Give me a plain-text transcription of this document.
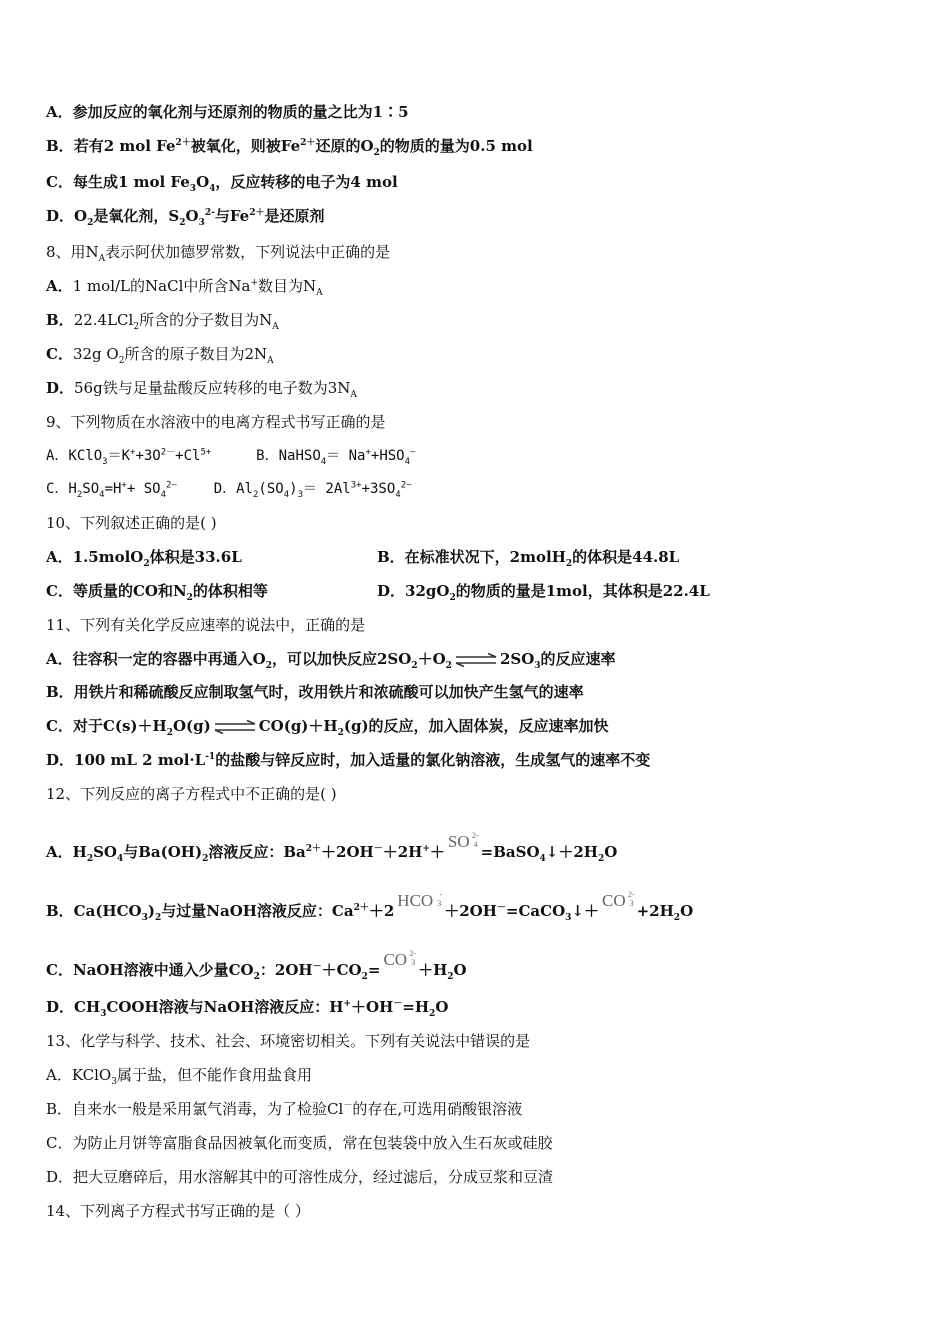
A．参加反应的氧化剂与还原剂的物质的量之比为1∶5
B．若有2 mol $Fe^{2+}$被氧化，则被$Fe^{2+}$还原的$O_2$的物质的量为0.5 mol
C．每生成1 mol $Fe_3O_4$，反应转移的电子为4 mol
D．$O_2$是氧化剂，$S_2O_3^{2-}$与$Fe^{2+}$是还原剂
8、用$N_A$表示阿伏加德罗常数，下列说法中正确的是
A．1 mol/L的NaCl中所含Na+数目为$N_A$
B．22.4LCl$_2$所含的分子数目为$N_A$
C．32g $O_2$所含的原子数目为$2N_A$
D．56g铁与足量盐酸反应转移的电子数为$3N_A$
9、下列物质在水溶液中的电离方程式书写正确的是
A．$KClO_3=K^++3O^{2-}+Cl^{5+}$	B．NaHSO$_4$＝ $Na^++HSO_4^―$
C．$H_2SO_4=H^++ SO_4^{2―}$	D．$Al_2(SO_4)_3= 2Al^{3+}+3SO_4^{2―}$
10、下列叙述正确的是( )
A．1.5molO$_2$体积是33.6L	B．在标准状况下，2molH$_2$的体积是44.8L
C．等质量的CO和$N_2$的体积相等	D．$32gO_2$的物质的量是1mol，其体积是22.4L
11、下列有关化学反应速率的说法中，正确的是
A．往容积一定的容器中再通入$O_2$，可以加快反应$2SO_2+O_2$ ⇌ $2SO_3$的反应速率
B．用铁片和稀硫酸反应制取氢气时，改用铁片和浓硫酸可以加快产生氢气的速率
C．对于$C(s)+H_2O(g)$ ⇌ $CO(g)+H_2(g)$的反应，加入固体炭，反应速率加快
D．100 mL 2 $mol\cdot L^{-1}$的盐酸与锌反应时，加入适量的氯化钠溶液，生成氢气的速率不变
12、下列反应的离子方程式中不正确的是( )
A．$H_2SO_4$与$Ba(OH)_2$溶液反应：$Ba^{2+}+2OH^-+2H^++SO$ 2-
$4 =BaSO_4↓+2H_2O$
B．$Ca(HCO_3)_2$与过量NaOH溶液反应：$Ca^{2+}+2HCO$ -
3 ＋2OH－=CaCO$_3$↓＋CO 2-
$3 +2H_2O$
C．NaOH溶液中通入少量$CO_2$：$2OH^-+CO_2=CO$ 2-
$3 +H_2O$
D．$CH_3COOH$溶液与NaOH溶液反应：$H^++OH^-=H_2O$
13、化学与科学、技术、社会、环境密切相关。下列有关说法中错误的是
A．KClO$_3$属于盐，但不能作食用盐食用
B．自来水一般是采用氯气消毒，为了检验Cl－的存在,可选用硝酸银溶液
C．为防止月饼等富脂食品因被氧化而变质，常在包装袋中放入生石灰或硅胶
D．把大豆磨碎后，用水溶解其中的可溶性成分，经过滤后，分成豆浆和豆渣
14、下列离子方程式书写正确的是（ ）
